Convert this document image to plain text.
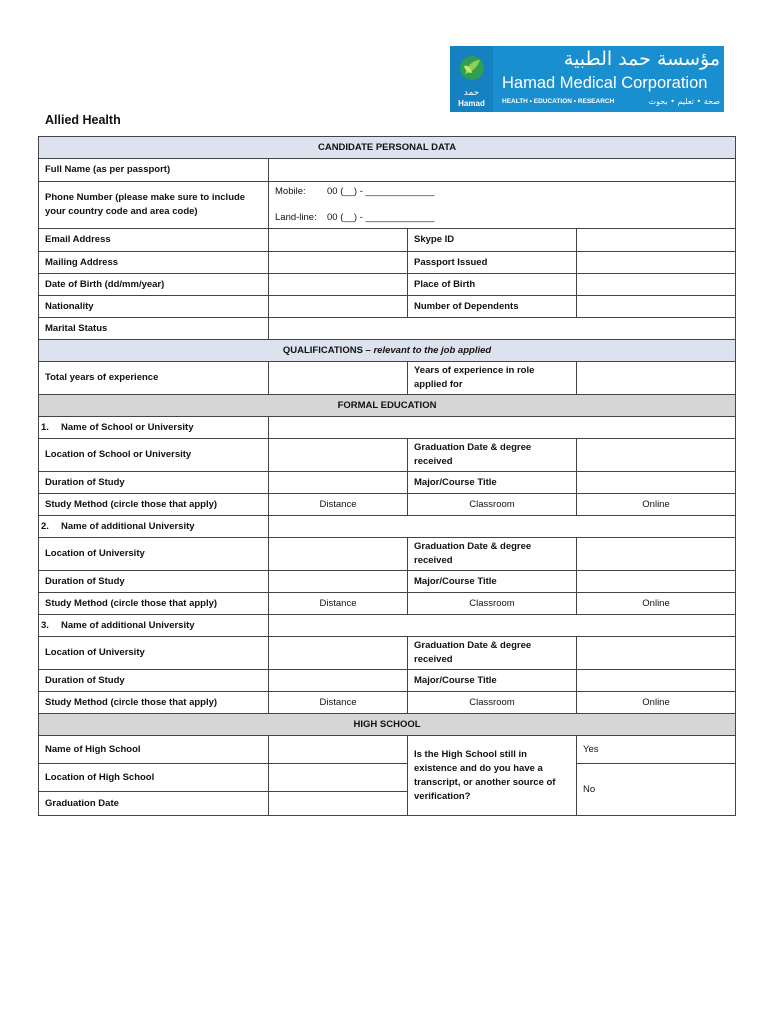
حمد
Hamad
مؤسسة حمد الطبية
Hamad Medical Corporation
HEALTH • EDUCATION • RESEARCH	صحة • تعليم • بحوث
Allied Health
CANDIDATE PERSONAL DATA			
Full Name (as per passport)			
Phone Number (please make sure to include your country code and area code)	Mobile: 00 (__) - _____________
Land-line: 00 (__) - _____________		

Email Address		Skype ID	
Mailing Address		Passport Issued	
Date of Birth (dd/mm/year)		Place of Birth	
Nationality		Number of Dependents	
Marital Status			
QUALIFICATIONS – relevant to the job applied			
Total years of experience		Years of experience in role applied for	
FORMAL EDUCATION			
1. Name of School or University			
Location of School or University		Graduation Date & degree received	
Duration of Study		Major/Course Title	
Study Method (circle those that apply)	Distance	Classroom	Online
2. Name of additional University			
Location of University		Graduation Date & degree received	
Duration of Study		Major/Course Title	
Study Method (circle those that apply)	Distance	Classroom	Online
3. Name of additional University			
Location of University		Graduation Date & degree received	
Duration of Study		Major/Course Title	
Study Method (circle those that apply)	Distance	Classroom	Online
HIGH SCHOOL			
Name of High School		Is the High School still in existence and do you have a transcript, or another source of verification?	Yes
Location of High School			No
Graduation Date			
